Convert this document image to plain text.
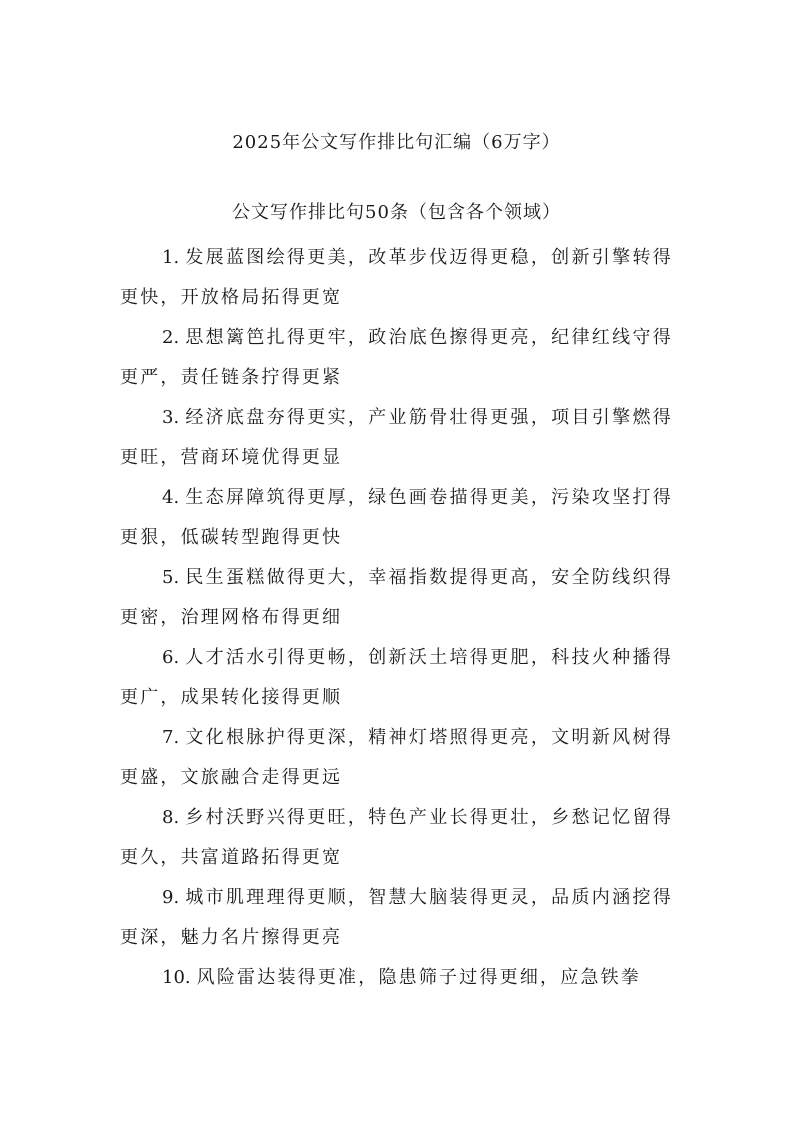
2025年公文写作排比句汇编（6万字）
公文写作排比句50条（包含各个领域）
1. 发展蓝图绘得更美，改革步伐迈得更稳，创新引擎转得更快，开放格局拓得更宽
2. 思想篱笆扎得更牢，政治底色擦得更亮，纪律红线守得更严，责任链条拧得更紧
3. 经济底盘夯得更实，产业筋骨壮得更强，项目引擎燃得更旺，营商环境优得更显
4. 生态屏障筑得更厚，绿色画卷描得更美，污染攻坚打得更狠，低碳转型跑得更快
5. 民生蛋糕做得更大，幸福指数提得更高，安全防线织得更密，治理网格布得更细
6. 人才活水引得更畅，创新沃土培得更肥，科技火种播得更广，成果转化接得更顺
7. 文化根脉护得更深，精神灯塔照得更亮，文明新风树得更盛，文旅融合走得更远
8. 乡村沃野兴得更旺，特色产业长得更壮，乡愁记忆留得更久，共富道路拓得更宽
9. 城市肌理理得更顺，智慧大脑装得更灵，品质内涵挖得更深，魅力名片擦得更亮
10. 风险雷达装得更准，隐患筛子过得更细，应急铁拳
